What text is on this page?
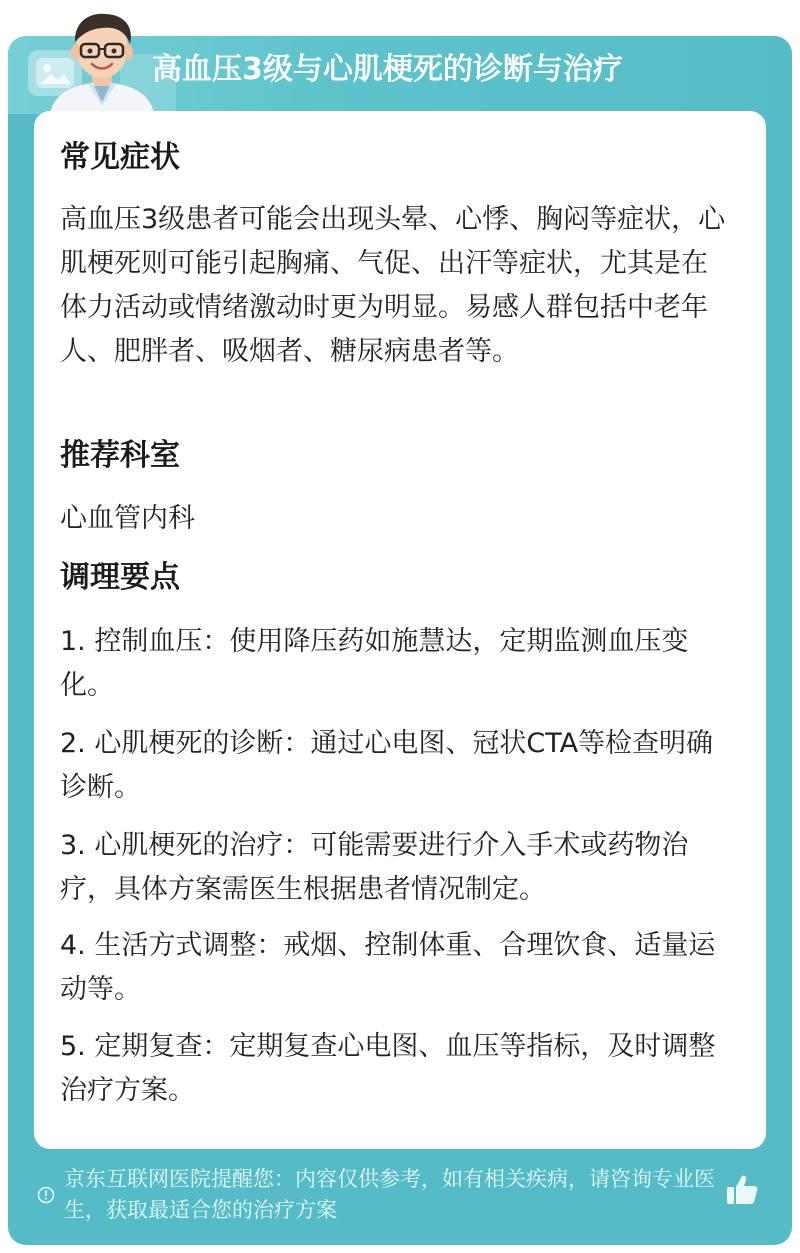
高血压3级与心肌梗死的诊断与治疗
常见症状
高血压3级患者可能会出现头晕、心悸、胸闷等症状，心肌梗死则可能引起胸痛、气促、出汗等症状，尤其是在体力活动或情绪激动时更为明显。易感人群包括中老年人、肥胖者、吸烟者、糖尿病患者等。
推荐科室
心血管内科
调理要点
1. 控制血压：使用降压药如施慧达，定期监测血压变化。
2. 心肌梗死的诊断：通过心电图、冠状CTA等检查明确诊断。
3. 心肌梗死的治疗：可能需要进行介入手术或药物治疗，具体方案需医生根据患者情况制定。
4. 生活方式调整：戒烟、控制体重、合理饮食、适量运动等。
5. 定期复查：定期复查心电图、血压等指标，及时调整治疗方案。
京东互联网医院提醒您：内容仅供参考，如有相关疾病，请咨询专业医生，获取最适合您的治疗方案
